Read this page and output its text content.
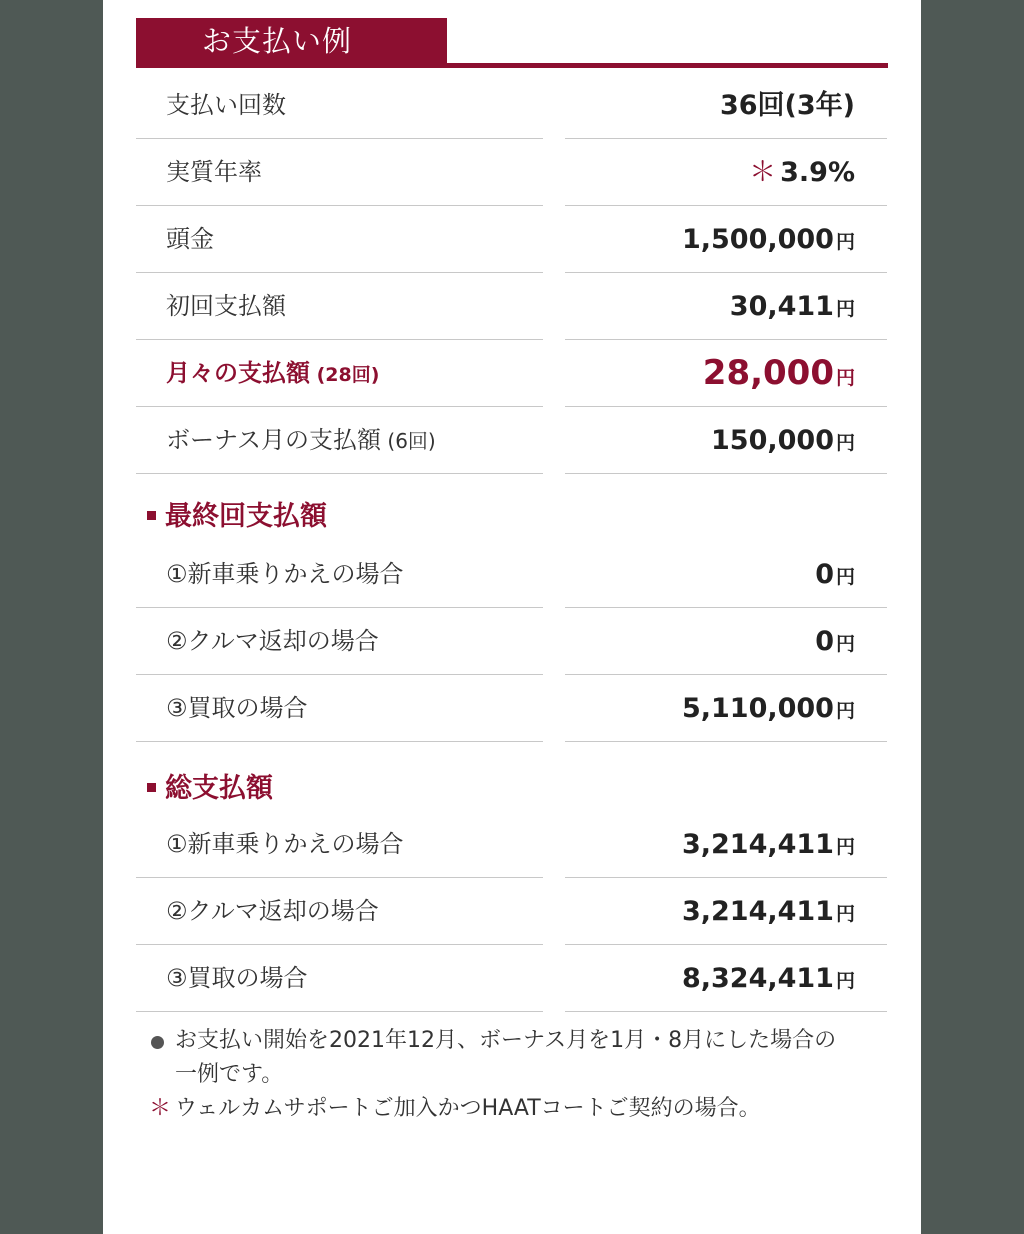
お支払い例
支払い回数	36回(3年)
実質年率	＊ 3.9%
頭金	1,500,000 円
初回支払額	30,411 円
月々の支払額 (28回)	28,000 円
ボーナス月の支払額 (6回)	150,000 円
最終回支払額
①新車乗りかえの場合	0 円
②クルマ返却の場合	0 円
③買取の場合	5,110,000 円
総支払額
①新車乗りかえの場合	3,214,411 円
②クルマ返却の場合	3,214,411 円
③買取の場合	8,324,411 円
お支払い開始を2021年12月、ボーナス月を1月・8月にした場合の
一例です。
＊ ウェルカムサポートご加入かつHAATコートご契約の場合。
